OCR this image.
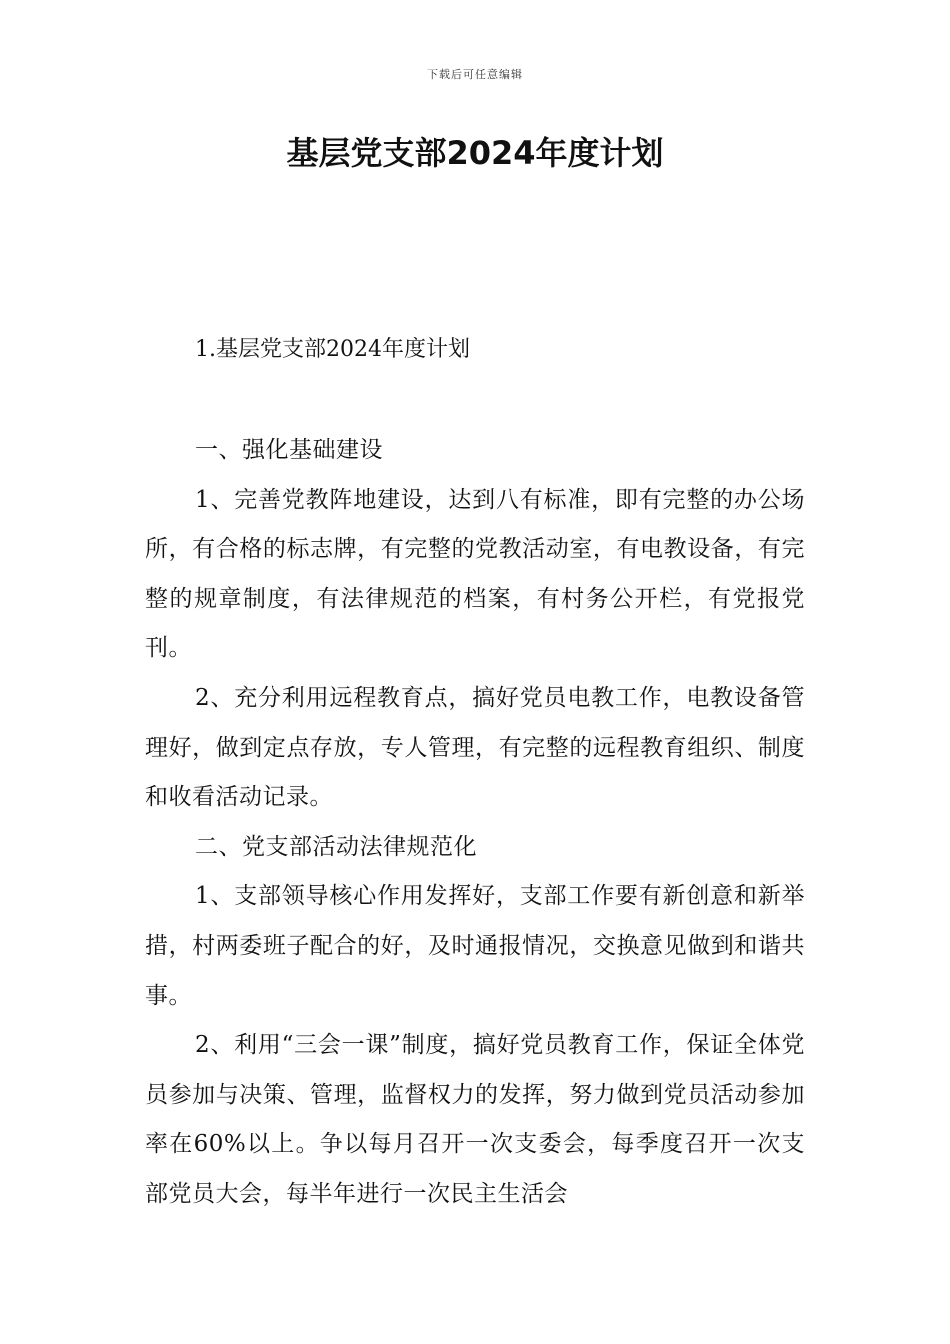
下载后可任意编辑
基层党支部2024年度计划

1.基层党支部2024年度计划

一、强化基础建设

1、完善党教阵地建设，达到八有标准，即有完整的办公场所，有合格的标志牌，有完整的党教活动室，有电教设备，有完整的规章制度，有法律规范的档案，有村务公开栏，有党报党刊。

2、充分利用远程教育点，搞好党员电教工作，电教设备管理好，做到定点存放，专人管理，有完整的远程教育组织、制度和收看活动记录。

二、党支部活动法律规范化

1、支部领导核心作用发挥好，支部工作要有新创意和新举措，村两委班子配合的好，及时通报情况，交换意见做到和谐共事。

2、利用“三会一课”制度，搞好党员教育工作，保证全体党员参加与决策、管理，监督权力的发挥，努力做到党员活动参加率在60%以上。争以每月召开一次支委会，每季度召开一次支部党员大会，每半年进行一次民主生活会
